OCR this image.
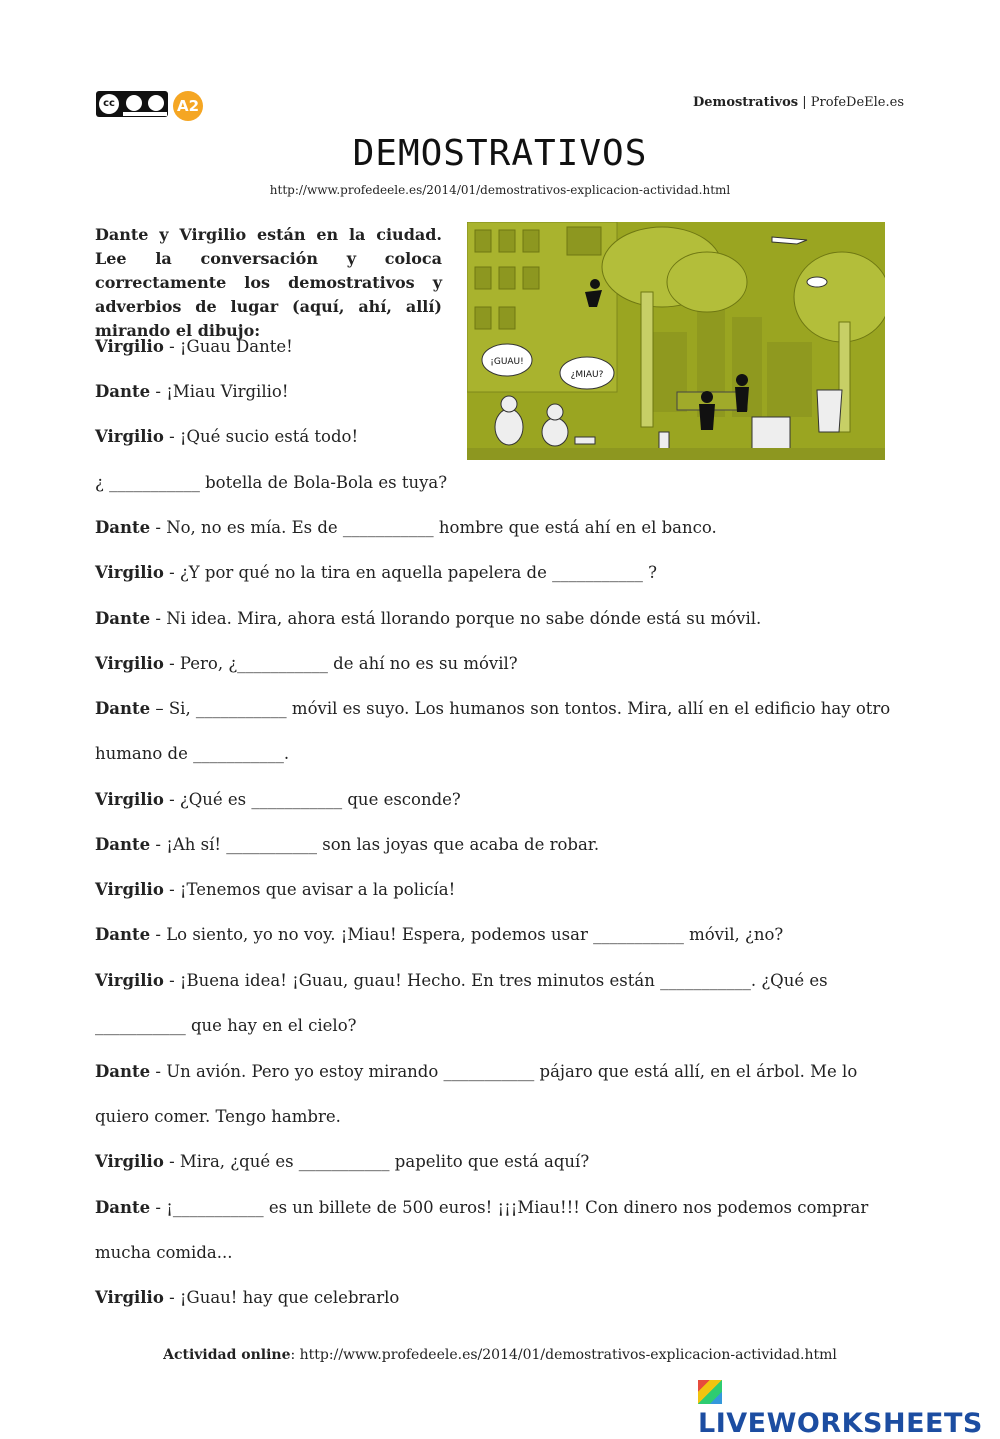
cc	A2	Demostrativos | ProfeDeEle.es
DEMOSTRATIVOS
http://www.profedeele.es/2014/01/demostrativos-explicacion-actividad.html
Dante y Virgilio están en la ciudad. Lee la conversación y coloca correctamente los demostrativos y adverbios de lugar (aquí, ahí, allí) mirando el dibujo:
¡GUAU!
¿MIAU?
Virgilio - ¡Guau Dante!
Dante - ¡Miau Virgilio!
Virgilio - ¡Qué sucio está todo!
¿ ___________ botella de Bola-Bola es tuya?
Dante - No, no es mía. Es de ___________ hombre que está ahí en el banco.
Virgilio - ¿Y por qué no la tira en aquella papelera de ___________ ?
Dante - Ni idea. Mira, ahora está llorando porque no sabe dónde está su móvil.
Virgilio - Pero, ¿___________ de ahí no es su móvil?
Dante – Si, ___________ móvil es suyo. Los humanos son tontos. Mira, allí en el edificio hay otro
humano de ___________.
Virgilio - ¿Qué es ___________ que esconde?
Dante - ¡Ah sí! ___________ son las joyas que acaba de robar.
Virgilio - ¡Tenemos que avisar a la policía!
Dante - Lo siento, yo no voy. ¡Miau! Espera, podemos usar ___________ móvil, ¿no?
Virgilio - ¡Buena idea! ¡Guau, guau! Hecho. En tres minutos están ___________. ¿Qué es
___________ que hay en el cielo?
Dante - Un avión. Pero yo estoy mirando ___________ pájaro que está allí, en el árbol. Me lo
quiero comer. Tengo hambre.
Virgilio - Mira, ¿qué es ___________ papelito que está aquí?
Dante - ¡___________ es un billete de 500 euros! ¡¡¡Miau!!! Con dinero nos podemos comprar
mucha comida...
Virgilio - ¡Guau! hay que celebrarlo
Actividad online: http://www.profedeele.es/2014/01/demostrativos-explicacion-actividad.html
LIVEWORKSHEETS
